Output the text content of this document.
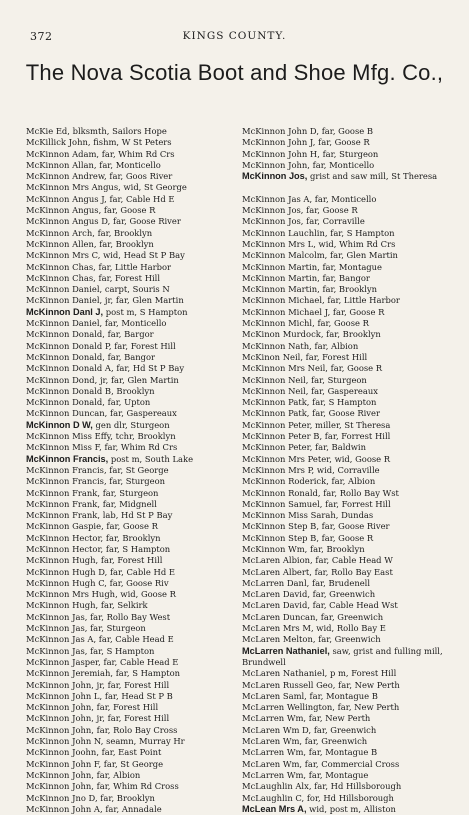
372	KINGS COUNTY.
The Nova Scotia Boot and Shoe Mfg. Co.,
McKie Ed, blksmth, Sailors Hope
McKillick John, fishm, W St Peters
McKinnon Adam, far, Whim Rd Crs
McKinnon Allan, far, Monticello
McKinnon Andrew, far, Goos River
McKinnon Mrs Angus, wid, St George
McKinnon Angus J, far, Cable Hd E
McKinnon Angus, far, Goose R
McKinnon Angus D, far, Goose River
McKinnon Arch, far, Brooklyn
McKinnon Allen, far, Brooklyn
McKinnon Mrs C, wid, Head St P Bay
McKinnon Chas, far, Little Harbor
McKinnon Chas, far, Forest Hill
McKinnon Daniel, carpt, Souris N
McKinnon Daniel, jr, far, Glen Martin
McKinnon Danl J, post m, S Hampton
McKinnon Daniel, far, Monticello
McKinnon Donald, far, Bargor
McKinnon Donald P, far, Forest Hill
McKinnon Donald, far, Bangor
McKinnon Donald A, far, Hd St P Bay
McKinnon Dond, jr, far, Glen Martin
McKinnon Donald B, Brooklyn
McKinnon Donald, far, Upton
McKinnon Duncan, far, Gaspereaux
McKinnon D W, gen dlr, Sturgeon
McKinnon Miss Effy, tchr, Brooklyn
McKinnon Miss F, far, Whim Rd Crs
McKinnon Francis, post m, South Lake
McKinnon Francis, far, St George
McKinnon Francis, far, Sturgeon
McKinnon Frank, far, Sturgeon
McKinnon Frank, far, Midgnell
McKinnon Frank, lab, Hd St P Bay
McKinnon Gaspie, far, Goose R
McKinnon Hector, far, Brooklyn
McKinnon Hector, far, S Hampton
McKinnon Hugh, far, Forest Hill
McKinnon Hugh D, far, Cable Hd E
McKinnon Hugh C, far, Goose Riv
McKinnon Mrs Hugh, wid, Goose R
McKinnon Hugh, far, Selkirk
McKinnon Jas, far, Rollo Bay West
McKinnon Jas, far, Sturgeon
McKinnon Jas A, far, Cable Head E
McKinnon Jas, far, S Hampton
McKinnon Jasper, far, Cable Head E
McKinnon Jeremiah, far, S Hampton
McKinnon John, jr, far, Forest Hill
McKinnon John L, far, Head St P B
McKinnon John, far, Forest Hill
McKinnon John, jr, far, Forest Hill
McKinnon John, far, Rolo Bay Cross
McKinnon John N, seamn, Murray Hr
McKinnon Joohn, far, East Point
McKinnon John F, far, St George
McKinnon John, far, Albion
McKinnon John, far, Whim Rd Cross
McKinnon Jno D, far, Brooklyn
McKinnon John A, far, Annadale
McKinnon John D, far, Goose B
McKinnon John J, far, Goose R
McKinnon John H, far, Sturgeon
McKinnon John, far, Monticello
McKinnon Jos, grist and saw mill, St Theresa
McKinnon Jas A, far, Monticello
McKinnon Jos, far, Goose R
McKinnon Jos, far, Corraville
McKinnon Lauchlin, far, S Hampton
McKinnon Mrs L, wid, Whim Rd Crs
McKinnon Malcolm, far, Glen Martin
McKinnon Martin, far, Montague
McKinnon Martin, far, Bangor
McKinnon Martin, far, Brooklyn
McKinnon Michael, far, Little Harbor
McKinnon Michael J, far, Goose R
McKinnon Michl, far, Goose R
McKinon Murdock, far, Brooklyn
McKinnon Nath, far, Albion
McKinon Neil, far, Forest Hill
McKinnon Mrs Neil, far, Goose R
McKinnon Neil, far, Sturgeon
McKinnon Neil, far, Gaspereaux
McKinnon Patk, far, S Hampton
McKinnon Patk, far, Goose River
McKinnon Peter, miller, St Theresa
McKinnon Peter B, far, Forrest Hill
McKinnon Peter, far, Baldwin
McKinnon Mrs Peter, wid, Goose R
McKinnon Mrs P, wid, Corraville
McKinnon Roderick, far, Albion
McKinnon Ronald, far, Rollo Bay Wst
McKinnon Samuel, far, Forrest Hill
McKinnon Miss Sarah, Dundas
McKinnon Step B, far, Goose River
McKinnon Step B, far, Goose R
McKinnon Wm, far, Brooklyn
McLaren Albion, far, Cable Head W
McLaren Albert, far, Rollo Bay East
McLarren Danl, far, Brudenell
McLaren David, far, Greenwich
McLaren David, far, Cable Head Wst
McLaren Duncan, far, Greenwich
McLaren Mrs M, wid, Rollo Bay E
McLaren Melton, far, Greenwich
McLarren Nathaniel, saw, grist and fulling mill, Brundwell
McLaren Nathaniel, p m, Forest Hill
McLaren Russell Geo, far, New Perth
McLaren Saml, far, Montague B
McLarren Wellington, far, New Perth
McLarren Wm, far, New Perth
McLaren Wm D, far, Greenwich
McLaren Wm, far, Greenwich
McLarren Wm, far, Montague B
McLaren Wm, far, Commercial Cross
McLarren Wm, far, Montague
McLaughlin Alx, far, Hd Hillsborough
McLaughlin C, for, Hd Hillsborough
McLean Mrs A, wid, post m, Alliston
